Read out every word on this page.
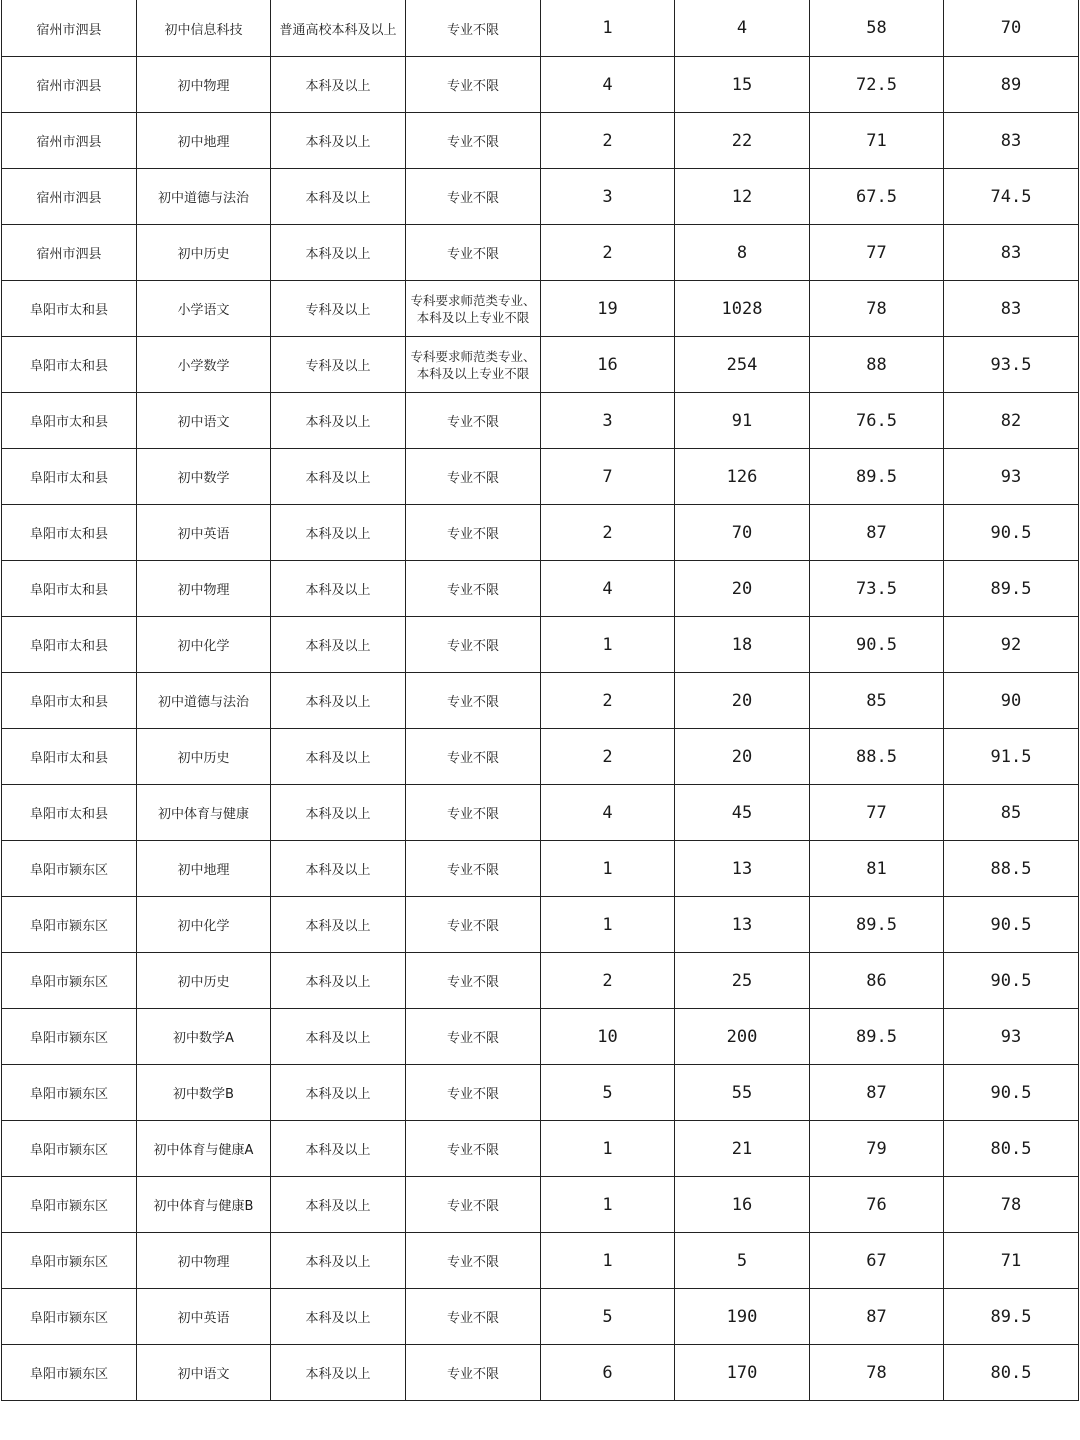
宿州市泗县	初中信息科技	普通高校本科及以上	专业不限	1	4	58	70
宿州市泗县	初中物理	本科及以上	专业不限	4	15	72.5	89
宿州市泗县	初中地理	本科及以上	专业不限	2	22	71	83
宿州市泗县	初中道德与法治	本科及以上	专业不限	3	12	67.5	74.5
宿州市泗县	初中历史	本科及以上	专业不限	2	8	77	83
阜阳市太和县	小学语文	专科及以上	专科要求师范类专业、本科及以上专业不限	19	1028	78	83
阜阳市太和县	小学数学	专科及以上	专科要求师范类专业、本科及以上专业不限	16	254	88	93.5
阜阳市太和县	初中语文	本科及以上	专业不限	3	91	76.5	82
阜阳市太和县	初中数学	本科及以上	专业不限	7	126	89.5	93
阜阳市太和县	初中英语	本科及以上	专业不限	2	70	87	90.5
阜阳市太和县	初中物理	本科及以上	专业不限	4	20	73.5	89.5
阜阳市太和县	初中化学	本科及以上	专业不限	1	18	90.5	92
阜阳市太和县	初中道德与法治	本科及以上	专业不限	2	20	85	90
阜阳市太和县	初中历史	本科及以上	专业不限	2	20	88.5	91.5
阜阳市太和县	初中体育与健康	本科及以上	专业不限	4	45	77	85
阜阳市颍东区	初中地理	本科及以上	专业不限	1	13	81	88.5
阜阳市颍东区	初中化学	本科及以上	专业不限	1	13	89.5	90.5
阜阳市颍东区	初中历史	本科及以上	专业不限	2	25	86	90.5
阜阳市颍东区	初中数学A	本科及以上	专业不限	10	200	89.5	93
阜阳市颍东区	初中数学B	本科及以上	专业不限	5	55	87	90.5
阜阳市颍东区	初中体育与健康A	本科及以上	专业不限	1	21	79	80.5
阜阳市颍东区	初中体育与健康B	本科及以上	专业不限	1	16	76	78
阜阳市颍东区	初中物理	本科及以上	专业不限	1	5	67	71
阜阳市颍东区	初中英语	本科及以上	专业不限	5	190	87	89.5
阜阳市颍东区	初中语文	本科及以上	专业不限	6	170	78	80.5
